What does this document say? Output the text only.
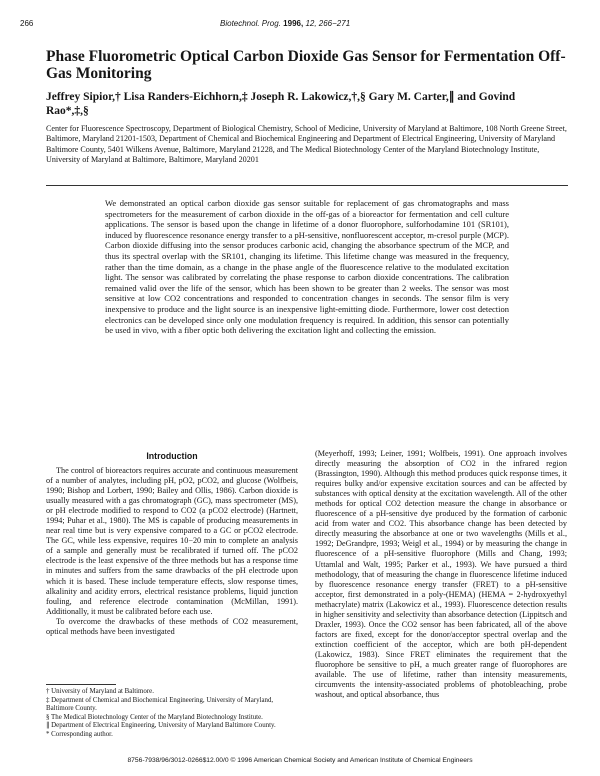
266	Biotechnol. Prog. 1996, 12, 266−271
Phase Fluorometric Optical Carbon Dioxide Gas Sensor for Fermentation Off-Gas Monitoring

Jeffrey Sipior,† Lisa Randers-Eichhorn,‡ Joseph R. Lakowicz,†,§ Gary M. Carter,∥ and Govind Rao*,‡,§

Center for Fluorescence Spectroscopy, Department of Biological Chemistry, School of Medicine, University of Maryland at Baltimore, 108 North Greene Street, Baltimore, Maryland 21201-1503, Department of Chemical and Biochemical Engineering and Department of Electrical Engineering, University of Maryland Baltimore County, 5401 Wilkens Avenue, Baltimore, Maryland 21228, and The Medical Biotechnology Center of the Maryland Biotechnology Institute, University of Maryland at Baltimore, Baltimore, Maryland 20201

We demonstrated an optical carbon dioxide gas sensor suitable for replacement of gas chromatographs and mass spectrometers for the measurement of carbon dioxide in the off-gas of a bioreactor for fermentation and cell culture applications. The sensor is based upon the change in lifetime of a donor fluorophore, sulforhodamine 101 (SR101), induced by fluorescence resonance energy transfer to a pH-sensitive, nonfluorescent acceptor, m-cresol purple (MCP). Carbon dioxide diffusing into the sensor produces carbonic acid, changing the absorbance spectrum of the MCP, and thus its spectral overlap with the SR101, changing its lifetime. This lifetime change was measured in the frequency, rather than the time domain, as a change in the phase angle of the fluorescence relative to the modulated excitation light. The sensor was calibrated by correlating the phase response to carbon dioxide concentrations. The calibration remained valid over the life of the sensor, which has been shown to be greater than 2 weeks. The sensor was most sensitive at low CO2 concentrations and responded to concentration changes in seconds. The sensor film is very inexpensive to produce and the light source is an inexpensive light-emitting diode. Furthermore, lower cost detection electronics can be developed since only one modulation frequency is required. In addition, this sensor can potentially be used in vivo, with a fiber optic both delivering the excitation light and collecting the emission.

Introduction

The control of bioreactors requires accurate and continuous measurement of a number of analytes, including pH, pO2, pCO2, and glucose (Wolfbeis, 1990; Bishop and Lorbert, 1990; Bailey and Ollis, 1986). Carbon dioxide is usually measured with a gas chromatograph (GC), mass spectrometer (MS), or pH electrode modified to respond to CO2 (a pCO2 electrode) (Hartnett, 1994; Puhar et al., 1980). The MS is capable of producing measurements in near real time but is very expensive compared to a GC or pCO2 electrode. The GC, while less expensive, requires 10−20 min to complete an analysis of a sample and generally must be recalibrated if turned off. The pCO2 electrode is the least expensive of the three methods but has a response time in minutes and suffers from the same drawbacks of the pH electrode upon which it is based. These include temperature effects, slow response times, alkalinity and acidity errors, electrical resistance problems, liquid junction fouling, and reference electrode contamination (McMillan, 1991). Additionally, it must be calibrated before each use.

To overcome the drawbacks of these methods of CO2 measurement, optical methods have been investigated

(Meyerhoff, 1993; Leiner, 1991; Wolfbeis, 1991). One approach involves directly measuring the absorption of CO2 in the infrared region (Brassington, 1990). Although this method produces quick response times, it requires bulky and/or expensive excitation sources and can be affected by substances with optical density at the excitation wavelength. All of the other methods for optical CO2 detection measure the change in absorbance or fluorescence of a pH-sensitive dye produced by the formation of carbonic acid from water and CO2. This absorbance change has been detected by directly measuring the absorbance at one or two wavelengths (Mills et al., 1992; DeGrandpre, 1993; Weigl et al., 1994) or by measuring the change in fluorescence of a pH-sensitive fluorophore (Mills and Chang, 1993; Uttamlal and Walt, 1995; Parker et al., 1993). We have pursued a third methodology, that of measuring the change in fluorescence lifetime induced by fluorescence resonance energy transfer (FRET) to a pH-sensitive acceptor, first demonstrated in a poly-(HEMA) (HEMA = 2-hydroxyethyl methacrylate) matrix (Lakowicz et al., 1993). Fluorescence detection results in higher sensitivity and selectivity than absorbance detection (Lippitsch and Draxler, 1993). Once the CO2 sensor has been fabricated, all of the above factors are fixed, except for the donor/acceptor spectral overlap and the extinction coefficient of the acceptor, which are both pH-dependent (Lakowicz, 1983). Since FRET eliminates the requirement that the fluorophore be sensitive to pH, a much greater range of fluorophores are available. The use of lifetime, rather than intensity measurements, circumvents the intensity-associated problems of photobleaching, probe washout, and optical absorbance, thus

† University of Maryland at Baltimore.
‡ Department of Chemical and Biochemical Engineering, University of Maryland, Baltimore County.
§ The Medical Biotechnology Center of the Maryland Biotechnology Institute.
∥ Department of Electrical Engineering, University of Maryland Baltimore County.
* Corresponding author.
8756-7938/96/3012-0266$12.00/0 © 1996 American Chemical Society and American Institute of Chemical Engineers
